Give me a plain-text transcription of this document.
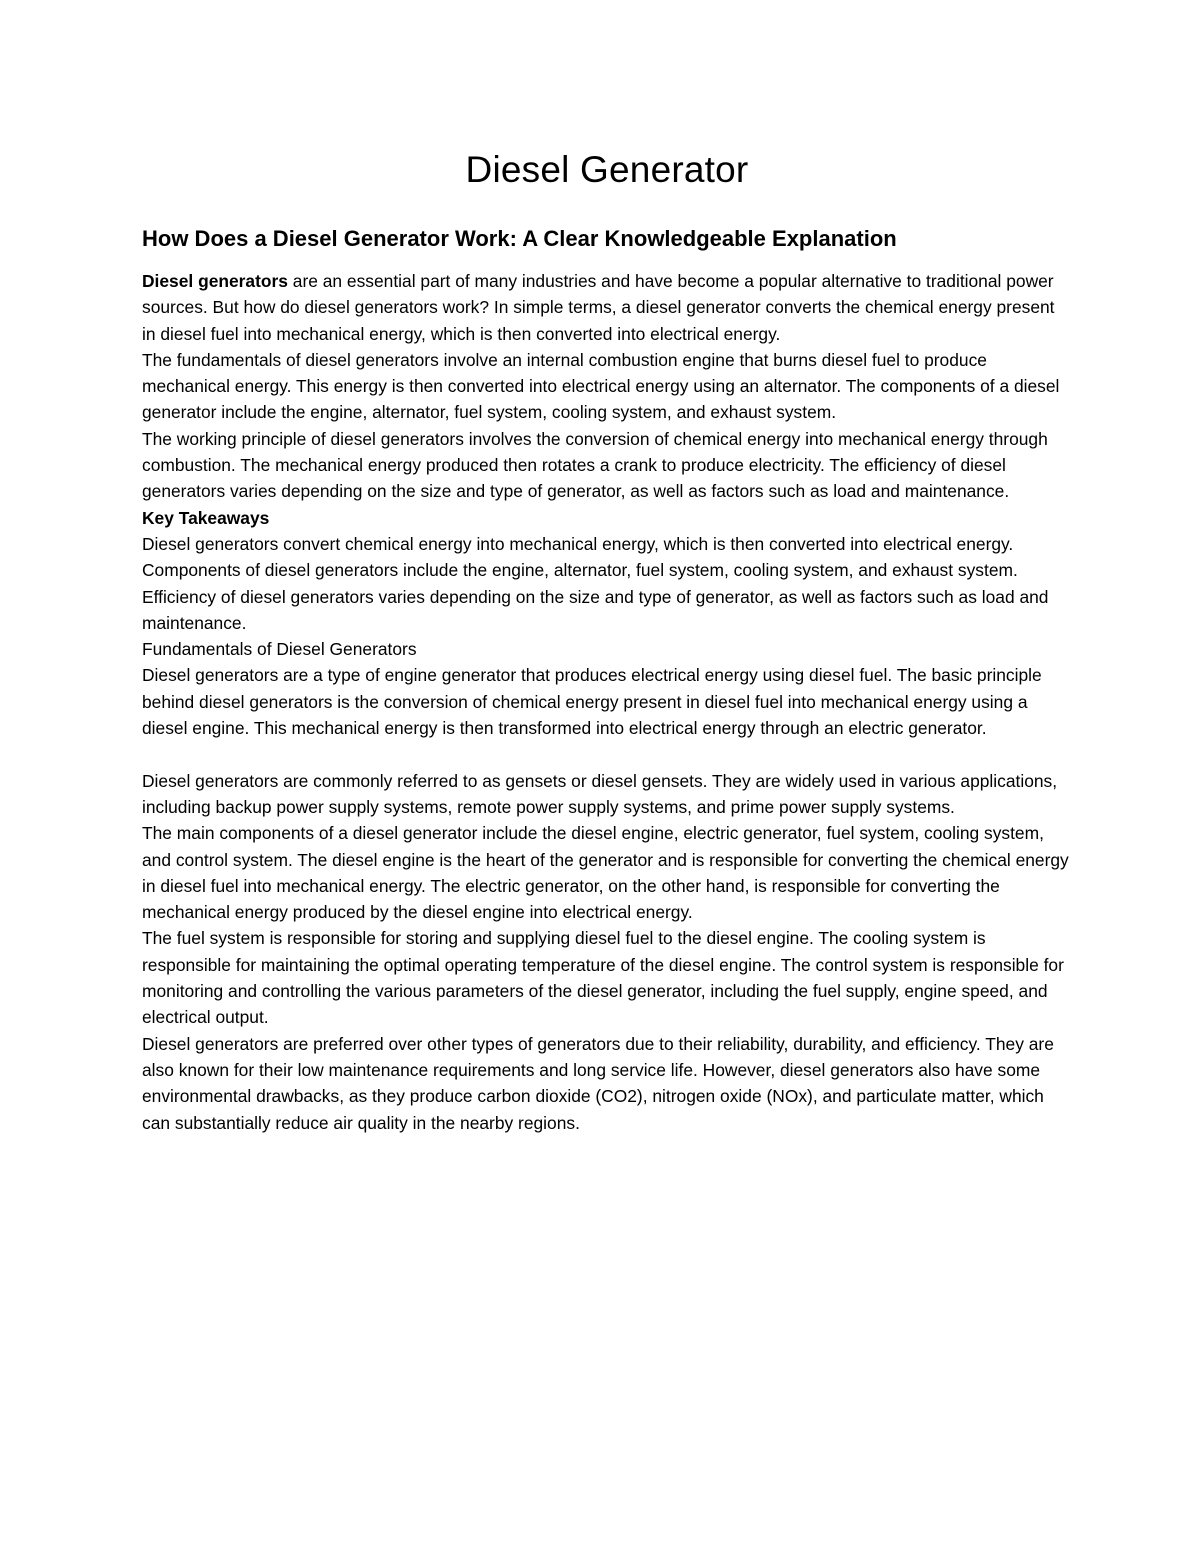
Diesel Generator
How Does a Diesel Generator Work: A Clear Knowledgeable Explanation

Diesel generators are an essential part of many industries and have become a popular alternative to traditional power sources. But how do diesel generators work? In simple terms, a diesel generator converts the chemical energy present in diesel fuel into mechanical energy, which is then converted into electrical energy.

The fundamentals of diesel generators involve an internal combustion engine that burns diesel fuel to produce mechanical energy. This energy is then converted into electrical energy using an alternator. The components of a diesel generator include the engine, alternator, fuel system, cooling system, and exhaust system.

The working principle of diesel generators involves the conversion of chemical energy into mechanical energy through combustion. The mechanical energy produced then rotates a crank to produce electricity. The efficiency of diesel generators varies depending on the size and type of generator, as well as factors such as load and maintenance.

Key Takeaways

Diesel generators convert chemical energy into mechanical energy, which is then converted into electrical energy.

Components of diesel generators include the engine, alternator, fuel system, cooling system, and exhaust system.

Efficiency of diesel generators varies depending on the size and type of generator, as well as factors such as load and maintenance.

Fundamentals of Diesel Generators

Diesel generators are a type of engine generator that produces electrical energy using diesel fuel. The basic principle behind diesel generators is the conversion of chemical energy present in diesel fuel into mechanical energy using a diesel engine. This mechanical energy is then transformed into electrical energy through an electric generator.

Diesel generators are commonly referred to as gensets or diesel gensets. They are widely used in various applications, including backup power supply systems, remote power supply systems, and prime power supply systems.

The main components of a diesel generator include the diesel engine, electric generator, fuel system, cooling system, and control system. The diesel engine is the heart of the generator and is responsible for converting the chemical energy in diesel fuel into mechanical energy. The electric generator, on the other hand, is responsible for converting the mechanical energy produced by the diesel engine into electrical energy.

The fuel system is responsible for storing and supplying diesel fuel to the diesel engine. The cooling system is responsible for maintaining the optimal operating temperature of the diesel engine. The control system is responsible for monitoring and controlling the various parameters of the diesel generator, including the fuel supply, engine speed, and electrical output.

Diesel generators are preferred over other types of generators due to their reliability, durability, and efficiency. They are also known for their low maintenance requirements and long service life. However, diesel generators also have some environmental drawbacks, as they produce carbon dioxide (CO2), nitrogen oxide (NOx), and particulate matter, which can substantially reduce air quality in the nearby regions.
